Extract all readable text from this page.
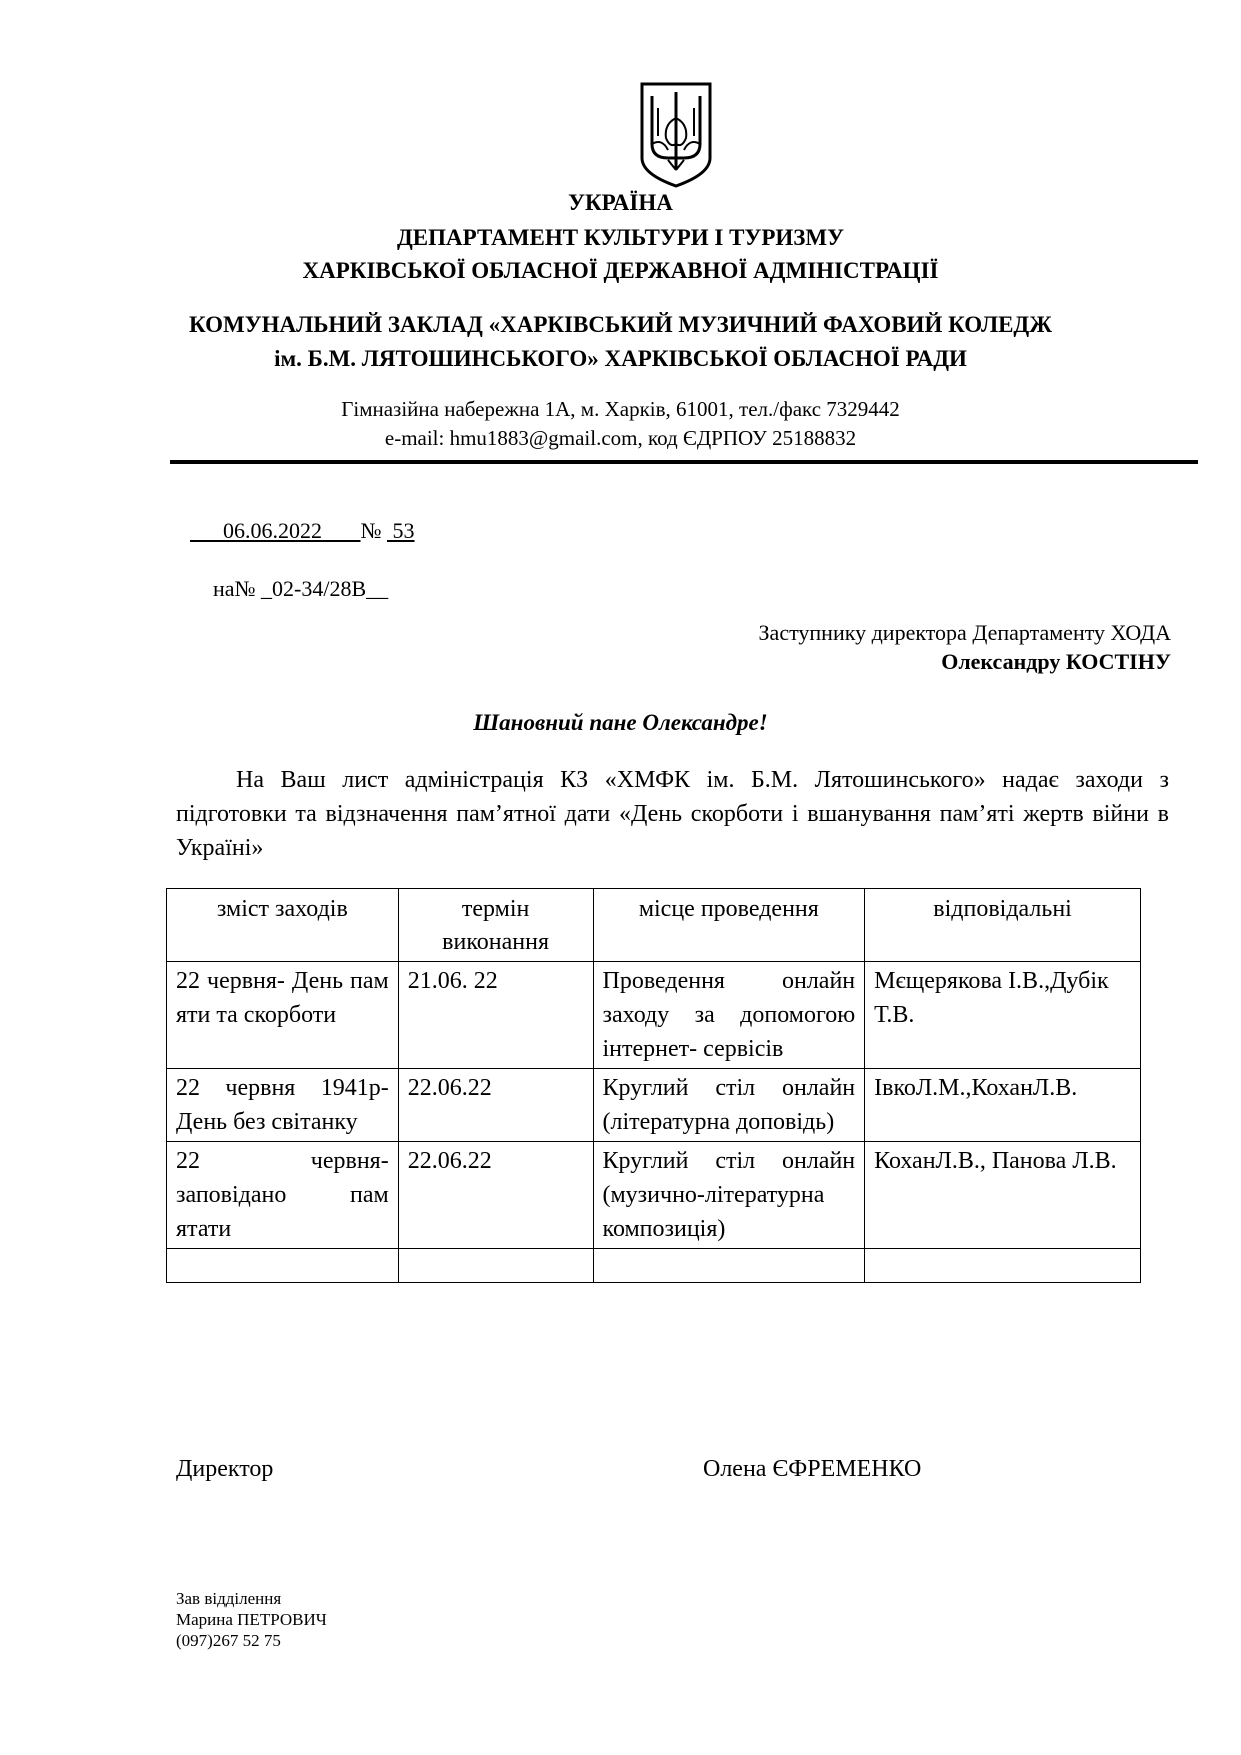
УКРАЇНА
ДЕПАРТАМЕНТ КУЛЬТУРИ І ТУРИЗМУ
ХАРКІВСЬКОЇ ОБЛАСНОЇ ДЕРЖАВНОЇ АДМІНІСТРАЦІЇ
КОМУНАЛЬНИЙ ЗАКЛАД «ХАРКІВСЬКИЙ МУЗИЧНИЙ ФАХОВИЙ КОЛЕДЖ
ім. Б.М. ЛЯТОШИНСЬКОГО» ХАРКІВСЬКОЇ ОБЛАСНОЇ РАДИ
Гімназійна набережна 1А, м. Харків, 61001, тел./факс 7329442
e-mail: hmu1883@gmail.com, код ЄДРПОУ 25188832
06.06.2022 № 53
на№ _02-34/28В__
Заступнику директора Департаменту ХОДА
Олександру КОСТІНУ
Шановний пане Олександре!
На Ваш лист адміністрація КЗ «ХМФК ім. Б.М. Лятошинського» надає заходи з підготовки та відзначення пам’ятної дати «День скорботи і вшанування пам’яті жертв війни в Україні»
зміст заходів	термін виконання	місце проведення	відповідальні
22 червня- День пам яти та скорботи	21.06. 22	Проведення онлайн заходу за допомогою інтернет- сервісів	Мєщерякова І.В.,Дубік Т.В.
22 червня 1941р-День без світанку	22.06.22	Круглий стіл онлайн (літературна доповідь)	ІвкоЛ.М.,КоханЛ.В.
22 червня- заповідано пам ятати	22.06.22	Круглий стіл онлайн (музично-літературна композиція)	КоханЛ.В., Панова Л.В.

Директор	Олена ЄФРЕМЕНКО
Зав відділення
Марина ПЕТРОВИЧ
(097)267 52 75
